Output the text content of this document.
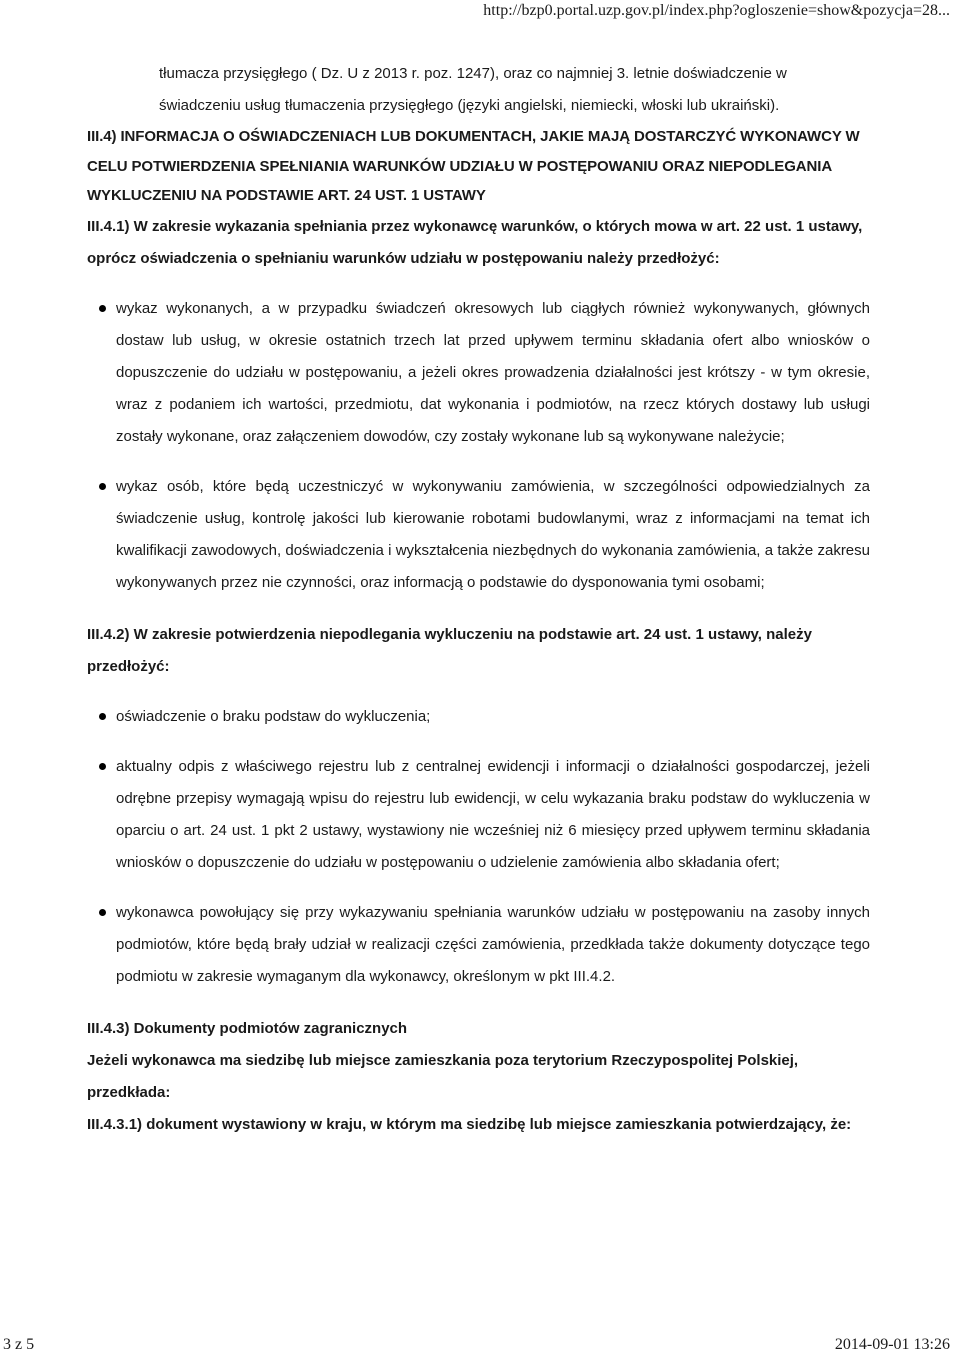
http://bzp0.portal.uzp.gov.pl/index.php?ogloszenie=show&pozycja=28...
tłumacza przysięgłego ( Dz. U z 2013 r. poz. 1247), oraz co najmniej 3. letnie doświadczenie w
świadczeniu usług tłumaczenia przysięgłego (języki angielski, niemiecki, włoski lub ukraiński).
III.4) INFORMACJA O OŚWIADCZENIACH LUB DOKUMENTACH, JAKIE MAJĄ DOSTARCZYĆ WYKONAWCY W CELU POTWIERDZENIA SPEŁNIANIA WARUNKÓW UDZIAŁU W POSTĘPOWANIU ORAZ NIEPODLEGANIA WYKLUCZENIU NA PODSTAWIE ART. 24 UST. 1 USTAWY
III.4.1) W zakresie wykazania spełniania przez wykonawcę warunków, o których mowa w art. 22 ust. 1 ustawy, oprócz oświadczenia o spełnianiu warunków udziału w postępowaniu należy przedłożyć:
wykaz wykonanych, a w przypadku świadczeń okresowych lub ciągłych również wykonywanych, głównych dostaw lub usług, w okresie ostatnich trzech lat przed upływem terminu składania ofert albo wniosków o dopuszczenie do udziału w postępowaniu, a jeżeli okres prowadzenia działalności jest krótszy - w tym okresie, wraz z podaniem ich wartości, przedmiotu, dat wykonania i podmiotów, na rzecz których dostawy lub usługi zostały wykonane, oraz załączeniem dowodów, czy zostały wykonane lub są wykonywane należycie;
wykaz osób, które będą uczestniczyć w wykonywaniu zamówienia, w szczególności odpowiedzialnych za świadczenie usług, kontrolę jakości lub kierowanie robotami budowlanymi, wraz z informacjami na temat ich kwalifikacji zawodowych, doświadczenia i wykształcenia niezbędnych do wykonania zamówienia, a także zakresu wykonywanych przez nie czynności, oraz informacją o podstawie do dysponowania tymi osobami;
III.4.2) W zakresie potwierdzenia niepodlegania wykluczeniu na podstawie art. 24 ust. 1 ustawy, należy przedłożyć:
oświadczenie o braku podstaw do wykluczenia;
aktualny odpis z właściwego rejestru lub z centralnej ewidencji i informacji o działalności gospodarczej, jeżeli odrębne przepisy wymagają wpisu do rejestru lub ewidencji, w celu wykazania braku podstaw do wykluczenia w oparciu o art. 24 ust. 1 pkt 2 ustawy, wystawiony nie wcześniej niż 6 miesięcy przed upływem terminu składania wniosków o dopuszczenie do udziału w postępowaniu o udzielenie zamówienia albo składania ofert;
wykonawca powołujący się przy wykazywaniu spełniania warunków udziału w postępowaniu na zasoby innych podmiotów, które będą brały udział w realizacji części zamówienia, przedkłada także dokumenty dotyczące tego podmiotu w zakresie wymaganym dla wykonawcy, określonym w pkt III.4.2.
III.4.3) Dokumenty podmiotów zagranicznych
Jeżeli wykonawca ma siedzibę lub miejsce zamieszkania poza terytorium Rzeczypospolitej Polskiej, przedkłada:
III.4.3.1) dokument wystawiony w kraju, w którym ma siedzibę lub miejsce zamieszkania potwierdzający, że:
3 z 5	2014-09-01 13:26
